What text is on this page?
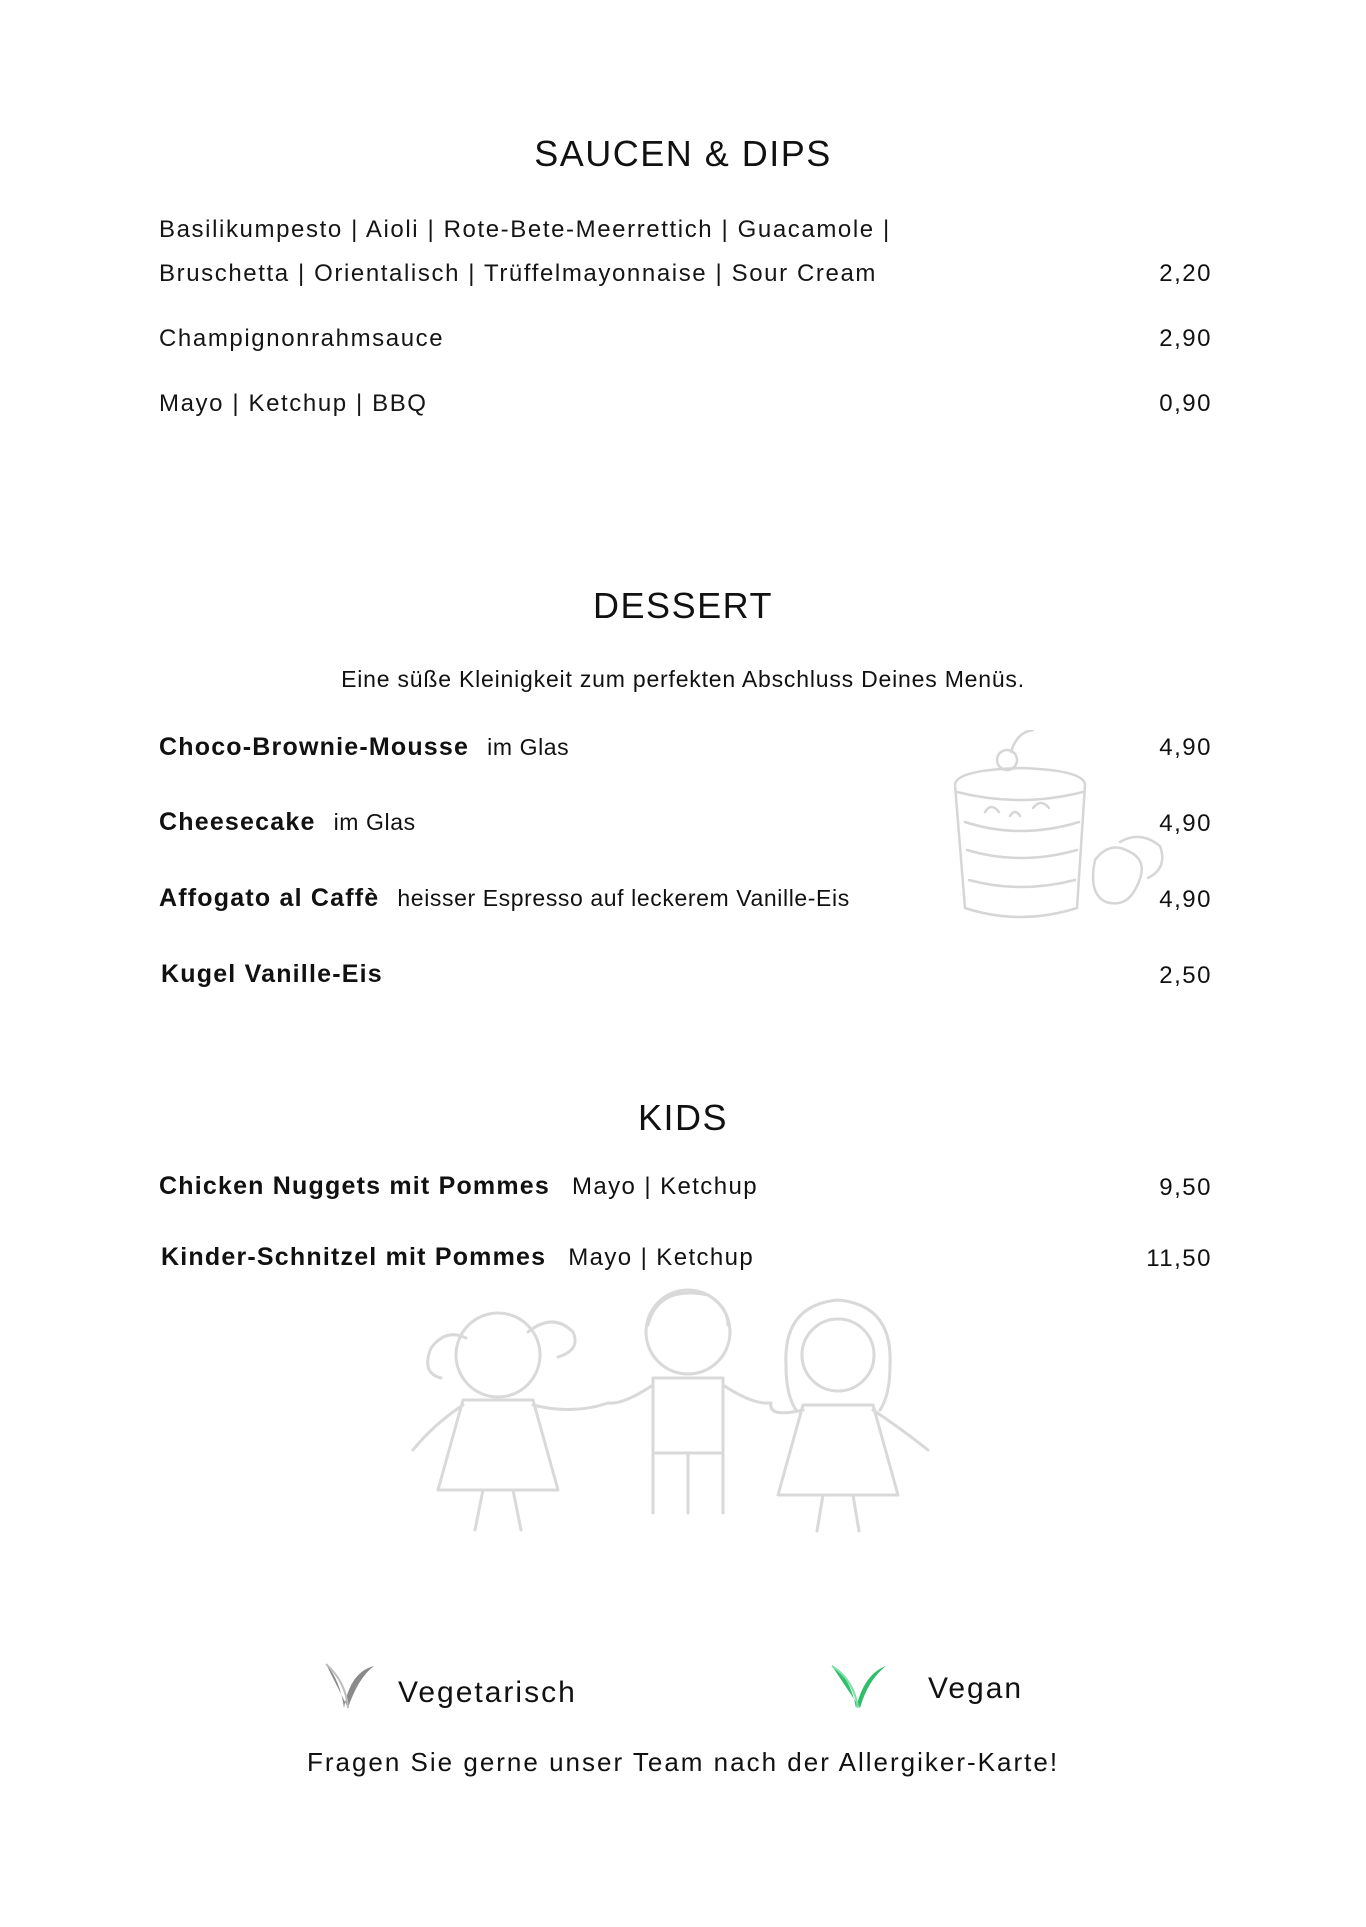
SAUCEN & DIPS
Basilikumpesto | Aioli | Rote-Bete-Meerrettich | Guacamole |
Bruschetta | Orientalisch | Trüffelmayonnaise | Sour Cream	2,20
Champignonrahmsauce	2,90
Mayo | Ketchup | BBQ	0,90
DESSERT
Eine süße Kleinigkeit zum perfekten Abschluss Deines Menüs.
Choco-Brownie-Mousse im Glas	4,90
Cheesecake im Glas	4,90
Affogato al Caffè heisser Espresso auf leckerem Vanille-Eis	4,90
Kugel Vanille-Eis	2,50
KIDS
Chicken Nuggets mit Pommes Mayo | Ketchup	9,50
Kinder-Schnitzel mit Pommes Mayo | Ketchup	11,50
Vegetarisch	Vegan
Fragen Sie gerne unser Team nach der Allergiker-Karte!
